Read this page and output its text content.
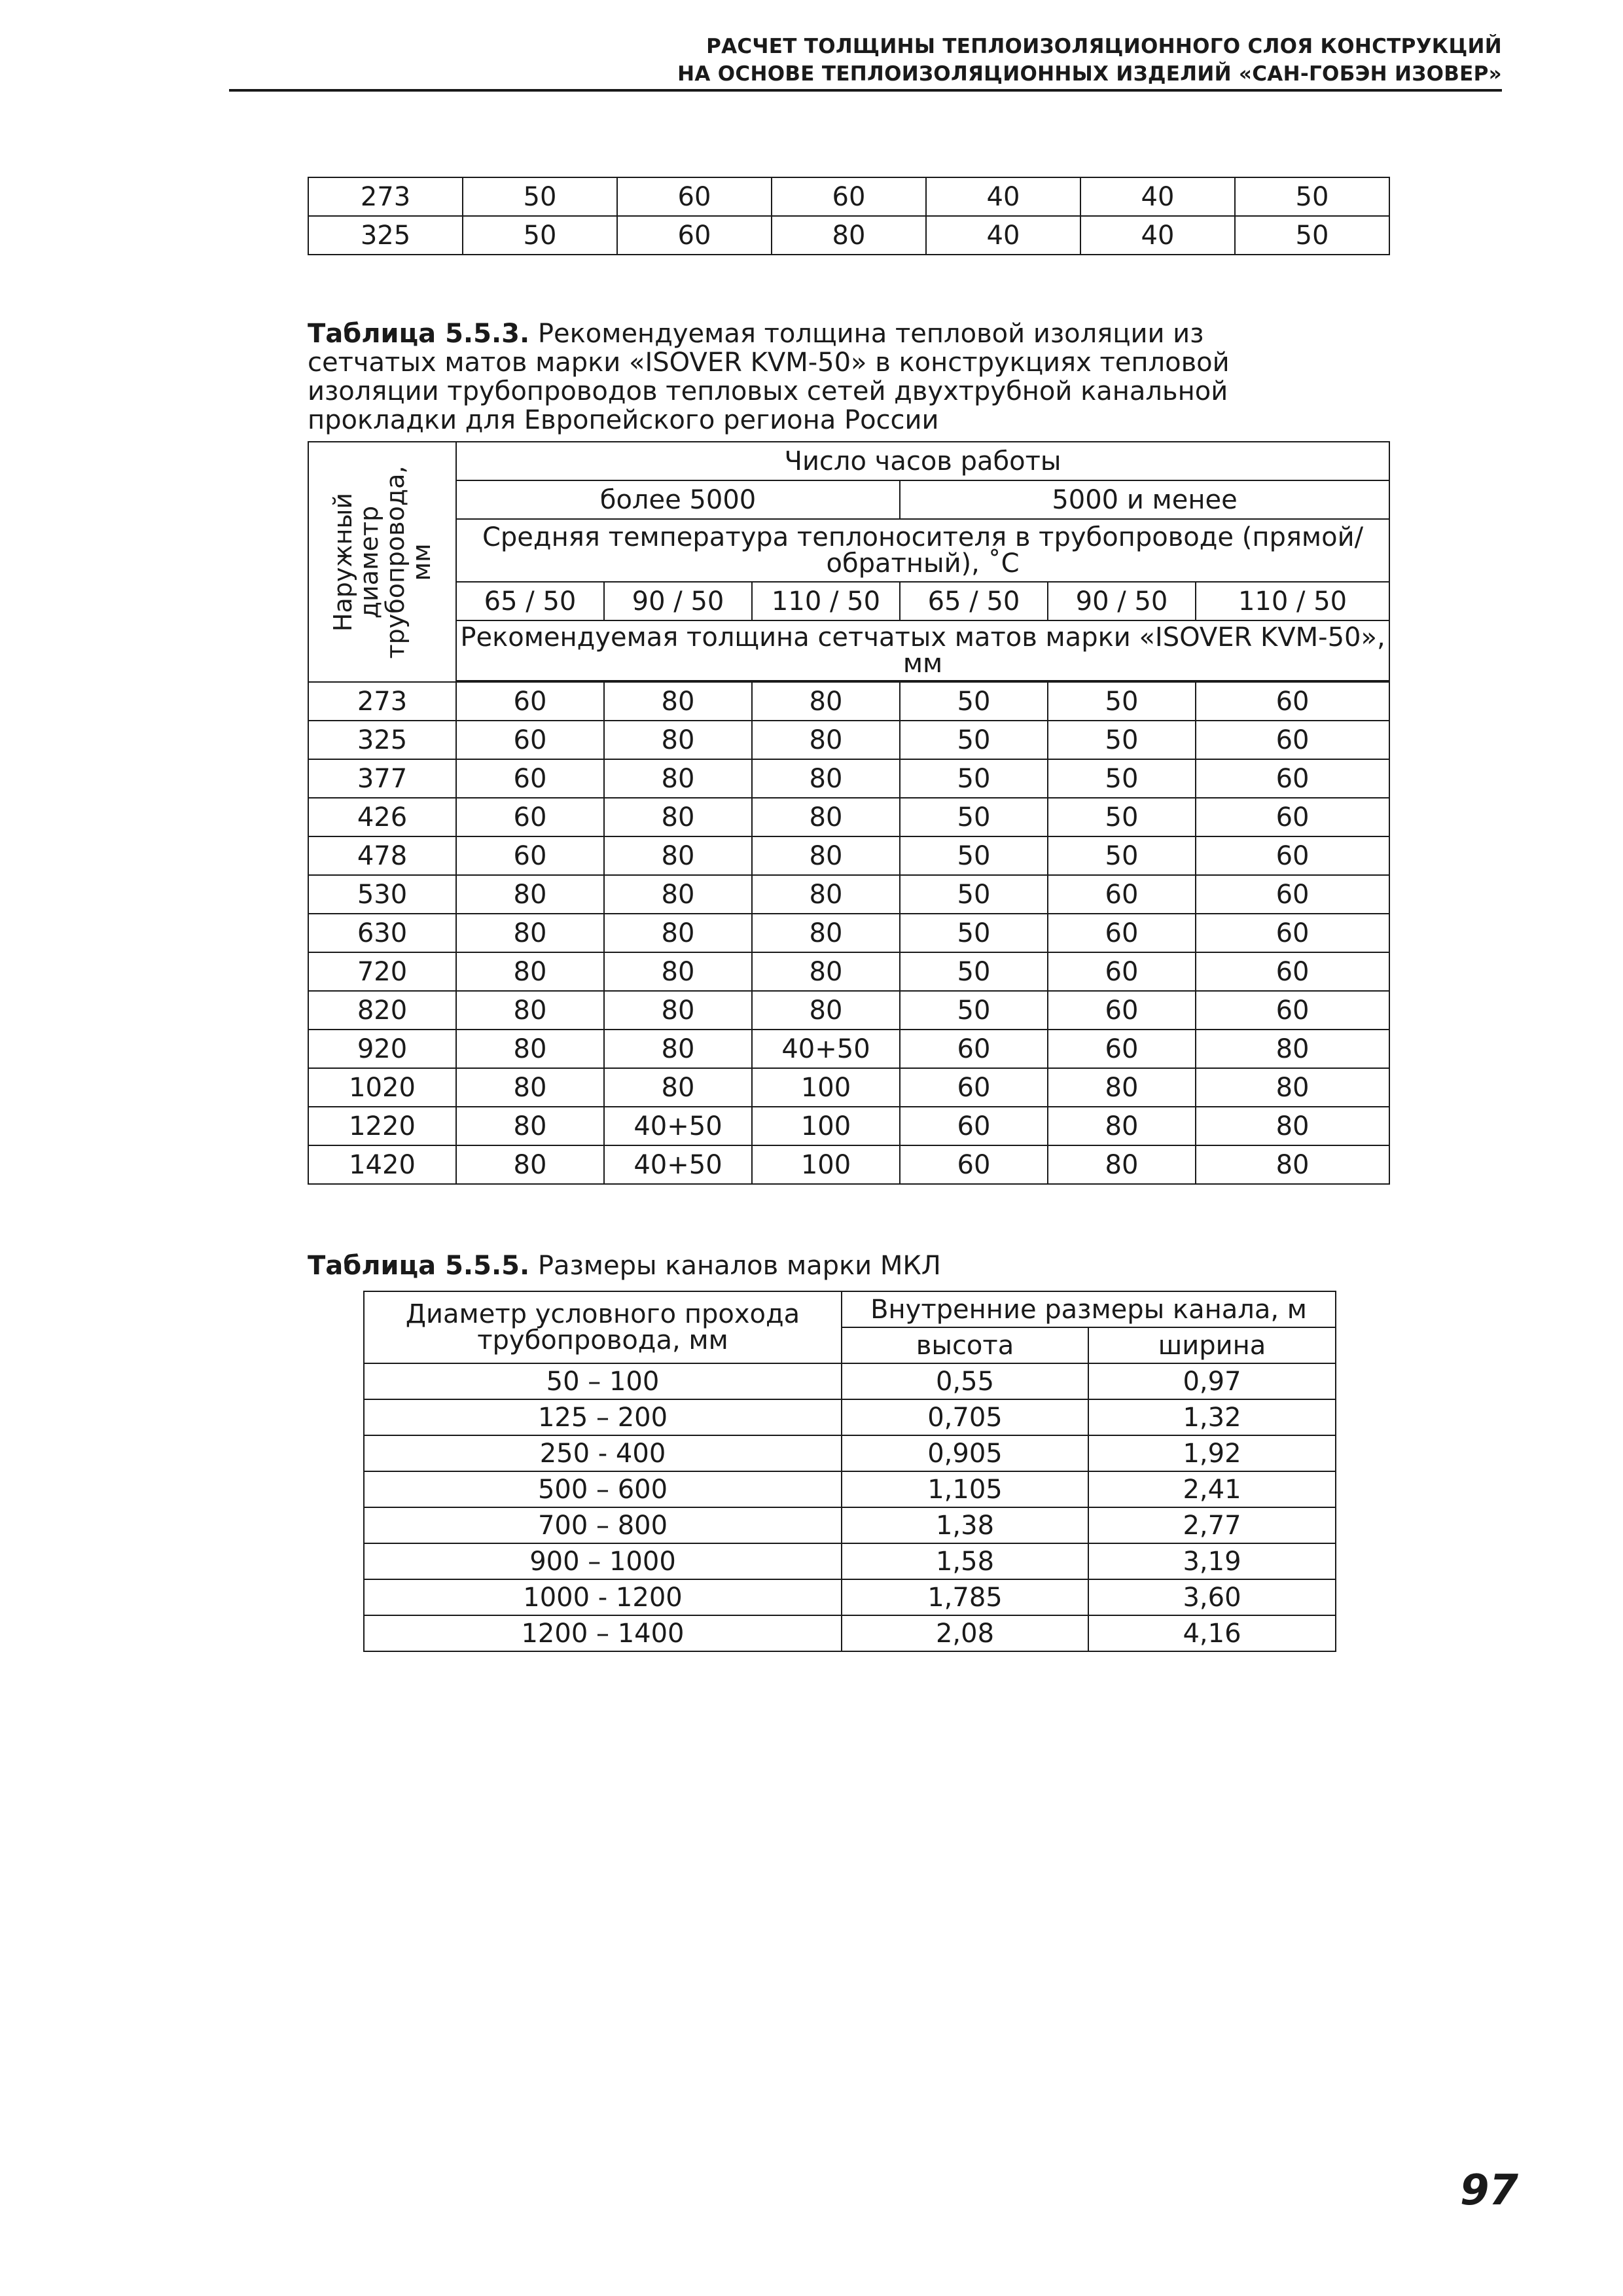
РАСЧЕТ ТОЛЩИНЫ ТЕПЛОИЗОЛЯЦИОННОГО СЛОЯ КОНСТРУКЦИЙ
НА ОСНОВЕ ТЕПЛОИЗОЛЯЦИОННЫХ ИЗДЕЛИЙ «САН-ГОБЭН ИЗОВЕР»
273	50	60	60	40	40	50
325	50	60	80	40	40	50
Таблица 5.5.3. Рекомендуемая толщина тепловой изоляции из сетчатых матов марки «ISOVER KVM-50» в конструкциях тепловой изоляции трубопроводов тепловых сетей двухтрубной канальной прокладки для Европейского региона России
Наружный диаметр трубопровода, мм	Число часов работы					
	более 5000			5000 и менее		
	Средняя температура теплоносителя в трубопроводе (прямой/обратный), ˚С					
	65 / 50	90 / 50	110 / 50	65 / 50	90 / 50	110 / 50
	Рекомендуемая толщина сетчатых матов марки «ISOVER KVM-50», мм					

273	60	80	80	50	50	60
325	60	80	80	50	50	60
377	60	80	80	50	50	60
426	60	80	80	50	50	60
478	60	80	80	50	50	60
530	80	80	80	50	60	60
630	80	80	80	50	60	60
720	80	80	80	50	60	60
820	80	80	80	50	60	60
920	80	80	40+50	60	60	80
1020	80	80	100	60	80	80
1220	80	40+50	100	60	80	80
1420	80	40+50	100	60	80	80
Таблица 5.5.5. Размеры каналов марки МКЛ
Диаметр условного прохода трубопровода, мм	Внутренние размеры канала, м	
	высота	ширина
50 – 100	0,55	0,97
125 – 200	0,705	1,32
250 - 400	0,905	1,92
500 – 600	1,105	2,41
700 – 800	1,38	2,77
900 – 1000	1,58	3,19
1000 - 1200	1,785	3,60
1200 – 1400	2,08	4,16
97
